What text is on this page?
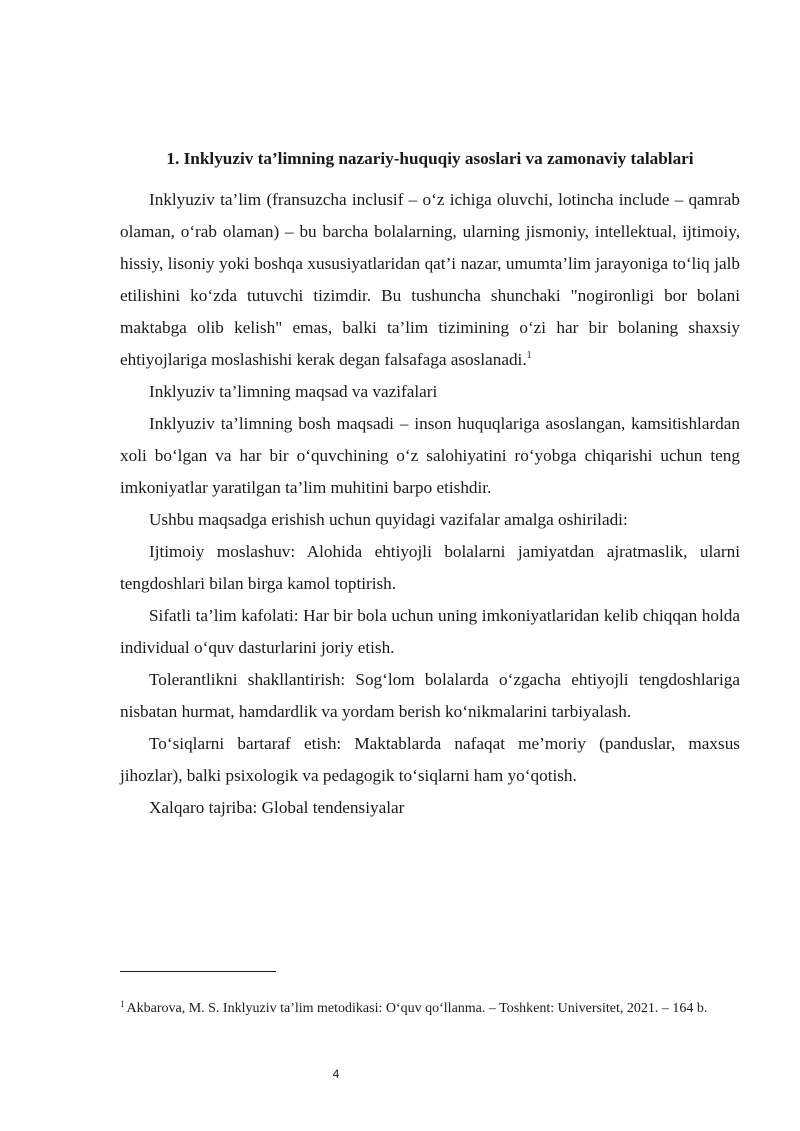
1. Inklyuziv ta’limning nazariy-huquqiy asoslari va zamonaviy talablari

Inklyuziv ta’lim (fransuzcha inclusif – o‘z ichiga oluvchi, lotincha include – qamrab olaman, o‘rab olaman) – bu barcha bolalarning, ularning jismoniy, intellektual, ijtimoiy, hissiy, lisoniy yoki boshqa xususiyatlaridan qat’i nazar, umumta’lim jarayoniga to‘liq jalb etilishini ko‘zda tutuvchi tizimdir. Bu tushuncha shunchaki "nogironligi bor bolani maktabga olib kelish" emas, balki ta’lim tizimining o‘zi har bir bolaning shaxsiy ehtiyojlariga moslashishi kerak degan falsafaga asoslanadi.$^1$

Inklyuziv ta’limning maqsad va vazifalari

Inklyuziv ta’limning bosh maqsadi – inson huquqlariga asoslangan, kamsitishlardan xoli bo‘lgan va har bir o‘quvchining o‘z salohiyatini ro‘yobga chiqarishi uchun teng imkoniyatlar yaratilgan ta’lim muhitini barpo etishdir.

Ushbu maqsadga erishish uchun quyidagi vazifalar amalga oshiriladi:

Ijtimoiy moslashuv: Alohida ehtiyojli bolalarni jamiyatdan ajratmaslik, ularni tengdoshlari bilan birga kamol toptirish.

Sifatli ta’lim kafolati: Har bir bola uchun uning imkoniyatlaridan kelib chiqqan holda individual o‘quv dasturlarini joriy etish.

Tolerantlikni shakllantirish: Sog‘lom bolalarda o‘zgacha ehtiyojli tengdoshlariga nisbatan hurmat, hamdardlik va yordam berish ko‘nikmalarini tarbiyalash.

To‘siqlarni bartaraf etish: Maktablarda nafaqat me’moriy (panduslar, maxsus jihozlar), balki psixologik va pedagogik to‘siqlarni ham yo‘qotish.

Xalqaro tajriba: Global tendensiyalar

$^1$ Akbarova, M. S. Inklyuziv ta’lim metodikasi: O‘quv qo‘llanma. – Toshkent: Universitet, 2021. – 164 b.

4
